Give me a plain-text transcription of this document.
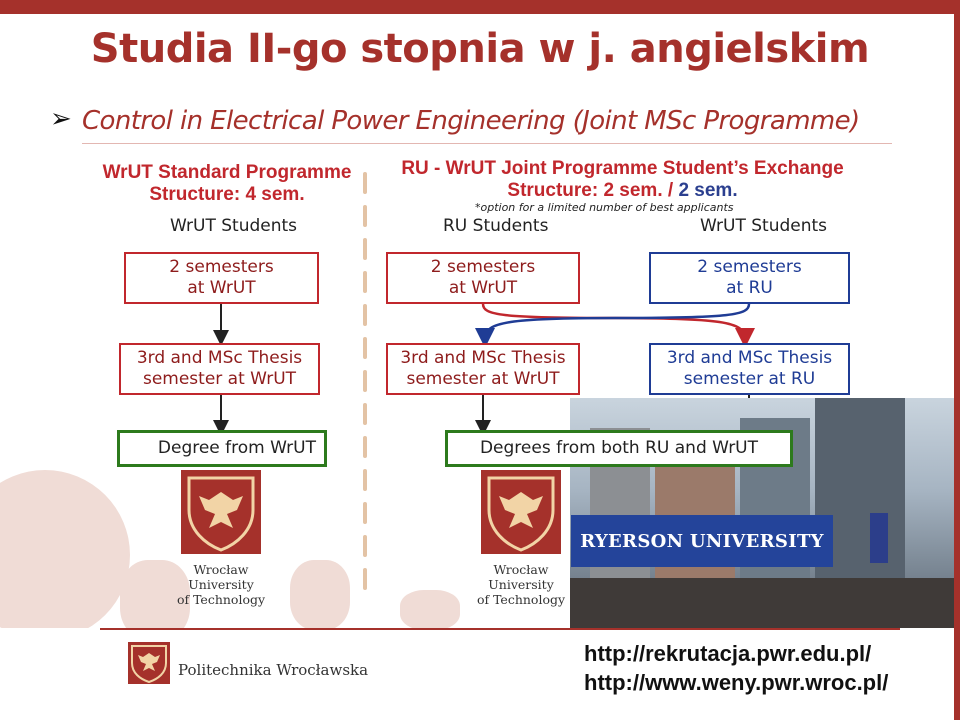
Studia II-go stopnia w j. angielskim
➢ Control in Electrical Power Engineering (Joint MSc Programme)
WrUT Standard Programme
Structure: 4 sem.
WrUT Students
RU - WrUT Joint Programme Student’s Exchange
Structure: 2 sem. / 2 sem.
*option for a limited number of best applicants
RU Students	WrUT Students
2 semesters
at WrUT
3rd and MSc Thesis
semester at WrUT
Degree from WrUT
2 semesters
at WrUT
2 semesters
at RU
3rd and MSc Thesis
semester at WrUT
3rd and MSc Thesis
semester at RU
RYERSON UNIVERSITY
Degrees from both RU and WrUT
Wrocław
University
of Technology
Wrocław
University
of Technology
Politechnika Wrocławska
http://rekrutacja.pwr.edu.pl/
http://www.weny.pwr.wroc.pl/
